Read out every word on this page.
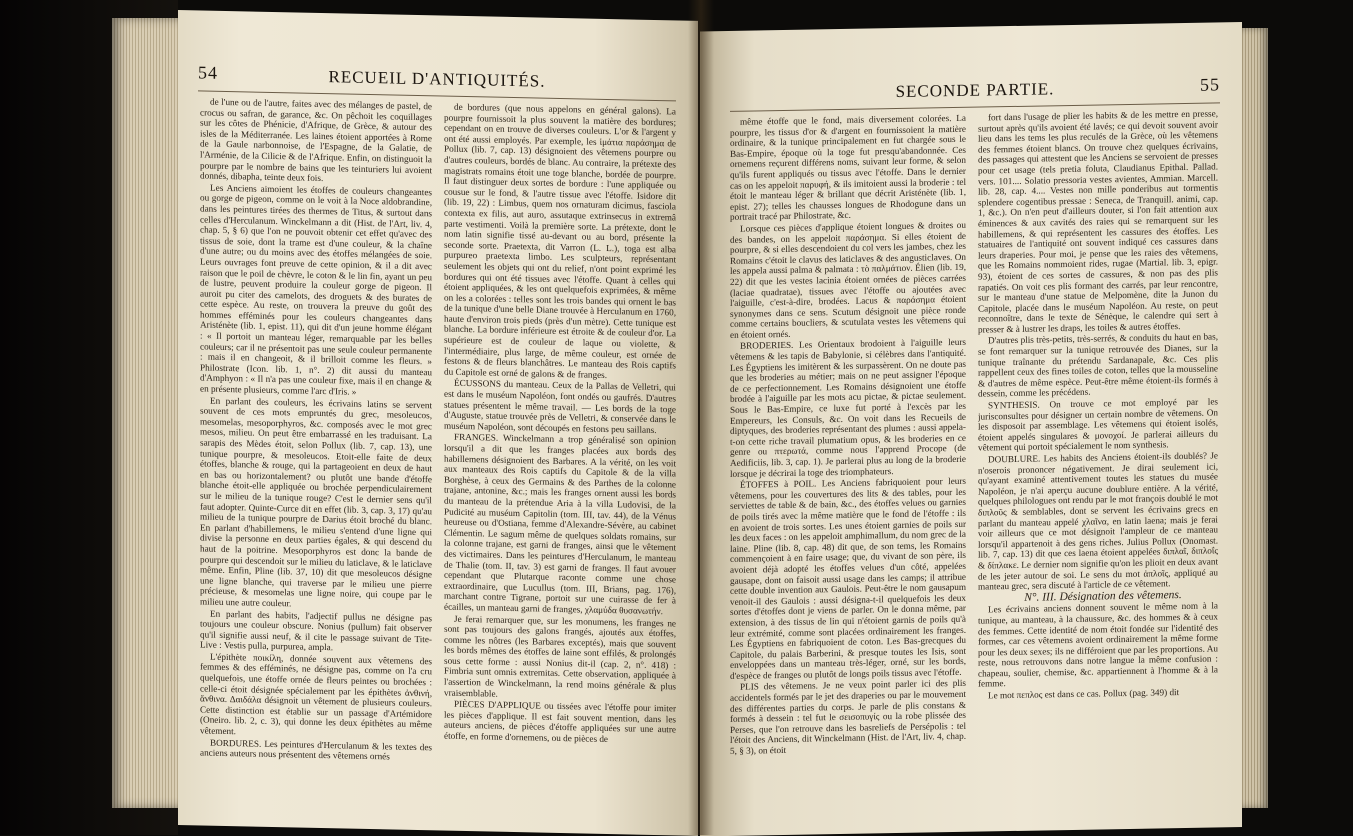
54	RECUEIL D'ANTIQUITÉS.

de l'une ou de l'autre, faites avec des mélanges de pastel, de crocus ou safran, de garance, &c. On pêchoit les coquillages sur les côtes de Phénicie, d'Afrique, de Grèce, & autour des isles de la Méditerranée. Les laines étoient apportées à Rome de la Gaule narbonnoise, de l'Espagne, de la Galatie, de l'Arménie, de la Cilicie & de l'Afrique. Enfin, on distinguoit la pourpre par le nombre de bains que les teinturiers lui avoient donnés, dibapha, teinte deux fois.

Les Anciens aimoient les étoffes de couleurs changeantes ou gorge de pigeon, comme on le voit à la Noce aldobrandine, dans les peintures tirées des thermes de Titus, & surtout dans celles d'Herculanum. Winckelmann a dit (Hist. de l'Art, liv. 4, chap. 5, § 6) que l'on ne pouvoit obtenir cet effet qu'avec des tissus de soie, dont la trame est d'une couleur, & la chaîne d'une autre; ou du moins avec des étoffes mélangées de soie. Leurs ouvrages font preuve de cette opinion, & il a dit avec raison que le poil de chèvre, le coton & le lin fin, ayant un peu de lustre, peuvent produire la couleur gorge de pigeon. Il auroit pu citer des camelots, des droguets & des burates de cette espèce. Au reste, on trouvera la preuve du goût des hommes efféminés pour les couleurs changeantes dans Aristénète (lib. 1, epist. 11), qui dit d'un jeune homme élégant : « Il portoit un manteau léger, remarquable par les belles couleurs; car il ne présentoit pas une seule couleur permanente : mais il en changeoit, & il brilloit comme les fleurs. » Philostrate (Icon. lib. 1, n°. 2) dit aussi du manteau d'Amphyon : « Il n'a pas une couleur fixe, mais il en change & en présente plusieurs, comme l'arc d'Iris. »

En parlant des couleurs, les écrivains latins se servent souvent de ces mots empruntés du grec, mesoleucos, mesomelas, mesoporphyros, &c. composés avec le mot grec mesos, milieu. On peut être embarrassé en les traduisant. La sarapis des Mèdes étoit, selon Pollux (lib. 7, cap. 13), une tunique pourpre, & mesoleucos. Etoit-elle faite de deux étoffes, blanche & rouge, qui la partageoient en deux de haut en bas ou horizontalement? ou plutôt une bande d'étoffe blanche étoit-elle appliquée ou brochée perpendiculairement sur le milieu de la tunique rouge? C'est le dernier sens qu'il faut adopter. Quinte-Curce dit en effet (lib. 3, cap. 3, 17) qu'au milieu de la tunique pourpre de Darius étoit broché du blanc. En parlant d'habillemens, le milieu s'entend d'une ligne qui divise la personne en deux parties égales, & qui descend du haut de la poitrine. Mesoporphyros est donc la bande de pourpre qui descendoit sur le milieu du laticlave, & le laticlave même. Enfin, Pline (lib. 37, 10) dit que mesoleucos désigne une ligne blanche, qui traverse par le milieu une pierre précieuse, & mesomelas une ligne noire, qui coupe par le milieu une autre couleur.

En parlant des habits, l'adjectif pullus ne désigne pas toujours une couleur obscure. Nonius (pullum) fait observer qu'il signifie aussi neuf, & il cite le passage suivant de Tite-Live : Vestis pulla, purpurea, ampla.

L'épithète ποικίλη, donnée souvent aux vêtemens des femmes & des efféminés, ne désigne pas, comme on l'a cru quelquefois, une étoffe ornée de fleurs peintes ou brochées : celle-ci étoit désignée spécialement par les épithètes ἀνθινή, ἄνθινα. Δαιδάλα désignoit un vêtement de plusieurs couleurs. Cette distinction est établie sur un passage d'Artémidore (Oneiro. lib. 2, c. 3), qui donne les deux épithètes au même vêtement.

BORDURES. Les peintures d'Herculanum & les textes des anciens auteurs nous présentent des vêtemens ornés

de bordures (que nous appelons en général galons). La pourpre fournissoit la plus souvent la matière des bordures; cependant on en trouve de diverses couleurs. L'or & l'argent y ont été aussi employés. Par exemple, les ἱμάτια παράσημα de Pollux (lib. 7, cap. 13) désignoient des vêtemens pourpre ou d'autres couleurs, bordés de blanc. Au contraire, la prétexte des magistrats romains étoit une toge blanche, bordée de pourpre. Il faut distinguer deux sortes de bordure : l'une appliquée ou cousue sur le fond, & l'autre tissue avec l'étoffe. Isidore dit (lib. 19, 22) : Limbus, quem nos ornaturam dicimus, fasciola contexta ex filis, aut auro, assutaque extrinsecus in extremâ parte vestimenti. Voilà la première sorte. La prétexte, dont le nom latin signifie tissé au-devant ou au bord, présente la seconde sorte. Praetexta, dit Varron (L. L.), toga est alba purpureo praetexta limbo. Les sculpteurs, représentant seulement les objets qui ont du relief, n'ont point exprimé les bordures qui ont été tissues avec l'étoffe. Quant à celles qui étoient appliquées, & les ont quelquefois exprimées, & même on les a colorées : telles sont les trois bandes qui ornent le bas de la tunique d'une belle Diane trouvée à Herculanum en 1760, haute d'environ trois pieds (près d'un mètre). Cette tunique est blanche. La bordure inférieure est étroite & de couleur d'or. La supérieure est de couleur de laque ou violette, & l'intermédiaire, plus large, de même couleur, est ornée de festons & de fleurs blanchâtres. Le manteau des Rois captifs du Capitole est orné de galons & de franges.

ÉCUSSONS du manteau. Ceux de la Pallas de Velletri, qui est dans le muséum Napoléon, font ondés ou gaufrés. D'autres statues présentent le même travail. — Les bords de la toge d'Auguste, statue trouvée près de Velletri, & conservée dans le muséum Napoléon, sont découpés en festons peu saillans.

FRANGES. Winckelmann a trop généralisé son opinion lorsqu'il a dit que les franges placées aux bords des habillemens désignoient des Barbares. A la vérité, on les voit aux manteaux des Rois captifs du Capitole & de la villa Borghèse, à ceux des Germains & des Parthes de la colonne trajane, antonine, &c.; mais les franges ornent aussi les bords du manteau de la prétendue Aria à la villa Ludovisi, de la Pudicité au muséum Capitolin (tom. III, tav. 44), de la Vénus heureuse ou d'Ostiana, femme d'Alexandre-Sévère, au cabinet Clémentin. Le sagum même de quelques soldats romains, sur la colonne trajane, est garni de franges, ainsi que le vêtement des victimaires. Dans les peintures d'Herculanum, le manteau de Thalie (tom. II, tav. 3) est garni de franges. Il faut avouer cependant que Plutarque raconte comme une chose extraordinaire, que Lucullus (tom. III, Brians, pag. 176), marchant contre Tigrane, portoit sur une cuirasse de fer à écailles, un manteau garni de franges, χλαμύδα θυσανωτήν.

Je ferai remarquer que, sur les monumens, les franges ne sont pas toujours des galons frangés, ajoutés aux étoffes, comme les nôtres (les Barbares exceptés), mais que souvent les bords mêmes des étoffes de laine sont effilés, & prolongés sous cette forme : aussi Nonius dit-il (cap. 2, n°. 418) : Fimbria sunt omnis extremitas. Cette observation, appliquée à l'assertion de Winckelmann, la rend moins générale & plus vraisemblable.

PIÈCES D'APPLIQUE ou tissées avec l'étoffe pour imiter les pièces d'applique. Il est fait souvent mention, dans les auteurs anciens, de pièces d'étoffe appliquées sur une autre étoffe, en forme d'ornemens, ou de pièces de

SECONDE PARTIE.	55

même étoffe que le fond, mais diversement colorées. La pourpre, les tissus d'or & d'argent en fournissoient la matière ordinaire, & la tunique principalement en fut chargée sous le Bas-Empire, époque où la toge fut presqu'abandonnée. Ces ornemens reçurent différens noms, suivant leur forme, & selon qu'ils furent appliqués ou tissus avec l'étoffe. Dans le dernier cas on les appeloit παρυφή, & ils imitoient aussi la broderie : tel étoit le manteau léger & brillant que décrit Aristénète (lib. 1, epist. 27); telles les chausses longues de Rhodogune dans un portrait tracé par Philostrate, &c.

Lorsque ces pièces d'applique étoient longues & droites ou des bandes, on les appeloit παράσημα. Si elles étoient de pourpre, & si elles descendoient du col vers les jambes, chez les Romains c'étoit le clavus des laticlaves & des angusticlaves. On les appela aussi palma & palmata : τὸ παλμάτιον. Élien (lib. 19, 22) dit que les vestes lacinia étoient ornées de pièces carrées (laciae quadratae), tissues avec l'étoffe ou ajoutées avec l'aiguille, c'est-à-dire, brodées. Lacus & παράσημα étoient synonymes dans ce sens. Scutum désignoit une pièce ronde comme certains boucliers, & scutulata vestes les vêtemens qui en étoient ornés.

BRODERIES. Les Orientaux brodoient à l'aiguille leurs vêtemens & les tapis de Babylonie, si célèbres dans l'antiquité. Les Égyptiens les imitèrent & les surpassèrent. On ne doute pas que les broderies au métier; mais on ne peut assigner l'époque de ce perfectionnement. Les Romains désignoient une étoffe brodée à l'aiguille par les mots acu pictae, & pictae seulement. Sous le Bas-Empire, ce luxe fut porté à l'excès par les Empereurs, les Consuls, &c. On voit dans les Recueils de diptyques, des broderies représentant des plumes : aussi appela-t-on cette riche travail plumatium opus, & les broderies en ce genre ou πτερωτά, comme nous l'apprend Procope (de Aedificiis, lib. 3, cap. 1). Je parlerai plus au long de la broderie lorsque je décrirai la toge des triomphateurs.

ÉTOFFES à POIL. Les Anciens fabriquoient pour leurs vêtemens, pour les couvertures des lits & des tables, pour les serviettes de table & de bain, &c., des étoffes velues ou garnies de poils tirés avec la même matière que le fond de l'étoffe : ils en avoient de trois sortes. Les unes étoient garnies de poils sur les deux faces : on les appeloit amphimallum, du nom grec de la laine. Pline (lib. 8, cap. 48) dit que, de son tems, les Romains commençoient à en faire usage; que, du vivant de son père, ils avoient déjà adopté les étoffes velues d'un côté, appelées gausape, dont on faisoit aussi usage dans les camps; il attribue cette double invention aux Gaulois. Peut-être le nom gausapum venoit-il des Gaulois : aussi désigna-t-il quelquefois les deux sortes d'étoffes dont je viens de parler. On le donna même, par extension, à des tissus de lin qui n'étoient garnis de poils qu'à leur extrémité, comme sont placées ordinairement les franges. Les Égyptiens en fabriquoient de coton. Les Bas-grecques du Capitole, du palais Barberini, & presque toutes les Isis, sont enveloppées dans un manteau très-léger, orné, sur les bords, d'espèce de franges ou plutôt de longs poils tissus avec l'étoffe.

PLIS des vêtemens. Je ne veux point parler ici des plis accidentels formés par le jet des draperies ou par le mouvement des différentes parties du corps. Je parle de plis constans & formés à dessein : tel fut le σεισοπυγίς ou la robe plissée des Perses, que l'on retrouve dans les basreliefs de Persépolis : tel l'étoit des Anciens, dit Winckelmann (Hist. de l'Art, liv. 4, chap. 5, § 3), on étoit

fort dans l'usage de plier les habits & de les mettre en presse, surtout après qu'ils avoient été lavés; ce qui devoit souvent avoir lieu dans les tems les plus reculés de la Grèce, où les vêtemens des femmes étoient blancs. On trouve chez quelques écrivains, des passages qui attestent que les Anciens se servoient de presses pour cet usage (tels pretia foluta, Claudianus Epithal. Pallad. vers. 101.... Solatio pressoria vestes avientes, Ammian. Marcell. lib. 28, cap. 4.... Vestes non mille ponderibus aut tormentis splendere cogentibus pressae : Seneca, de Tranquill. animi, cap. 1, &c.). On n'en peut d'ailleurs douter, si l'on fait attention aux éminences & aux cavités des raies qui se remarquent sur les habillemens, & qui représentent les cassures des étoffes. Les statuaires de l'antiquité ont souvent indiqué ces cassures dans leurs draperies. Pour moi, je pense que les raies des vêtemens, que les Romains nommoient rides, rugae (Martial. lib. 3, epigr. 93), étoient de ces sortes de cassures, & non pas des plis rapatiés. On voit ces plis formant des carrés, par leur rencontre, sur le manteau d'une statue de Melpomène, dite la Junon du Capitole, placée dans le muséum Napoléon. Au reste, on peut reconnoître, dans le texte de Sénèque, le calendre qui sert à presser & à lustrer les draps, les toiles & autres étoffes.

D'autres plis très-petits, très-serrés, & conduits du haut en bas, se font remarquer sur la tunique retrouvée des Dianes, sur la tunique traînante du prétendu Sardanapale, &c. Ces plis rappellent ceux des fines toiles de coton, telles que la mousseline & d'autres de même espèce. Peut-être même étoient-ils formés à dessein, comme les précédens.

SYNTHESIS. On trouve ce mot employé par les jurisconsultes pour désigner un certain nombre de vêtemens. On les disposoit par assemblage. Les vêtemens qui étoient isolés, étoient appelés singulares & μονοχοί. Je parlerai ailleurs du vêtement qui portoit spécialement le nom synthesis.

DOUBLURE. Les habits des Anciens étoient-ils doublés? Je n'oserois prononcer négativement. Je dirai seulement ici, qu'ayant examiné attentivement toutes les statues du musée Napoléon, je n'ai aperçu aucune doublure entière. A la vérité, quelques philologues ont rendu par le mot françois doublé le mot διπλοῦς & semblables, dont se servent les écrivains grecs en parlant du manteau appelé χλαῖνα, en latin laena; mais je ferai voir ailleurs que ce mot désignoit l'ampleur de ce manteau lorsqu'il appartenoit à des gens riches. Julius Pollux (Onomast. lib. 7, cap. 13) dit que ces laena étoient appelées διπλαῖ, διπλοΐς & δίπλακε. Le dernier nom signifie qu'on les plioit en deux avant de les jeter autour de soi. Le sens du mot ἀπλοῖς, appliqué au manteau grec, sera discuté à l'article de ce vêtement.

N°. III. Désignation des vêtemens.

Les écrivains anciens donnent souvent le même nom à la tunique, au manteau, à la chaussure, &c. des hommes & à ceux des femmes. Cette identité de nom étoit fondée sur l'identité des formes, car ces vêtemens avoient ordinairement la même forme pour les deux sexes; ils ne différoient que par les proportions. Au reste, nous retrouvons dans notre langue la même confusion : chapeau, soulier, chemise, &c. appartiennent à l'homme & à la femme.

Le mot πεπλος est dans ce cas. Pollux (pag. 349) dit
